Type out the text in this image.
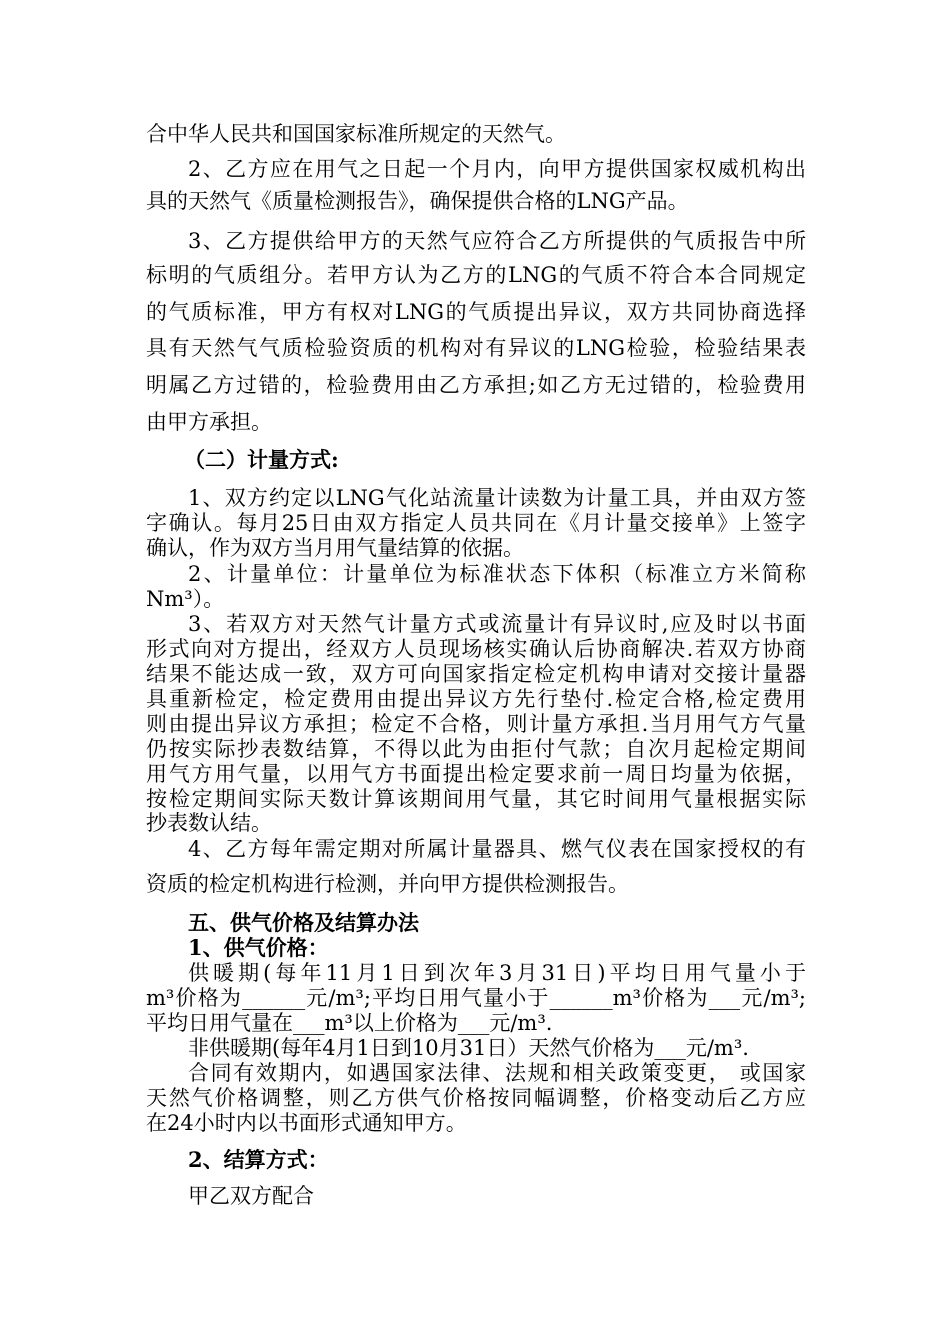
合中华人民共和国国家标准所规定的天然气。
2、乙方应在用气之日起一个月内，向甲方提供国家权威机构出
具的天然气《质量检测报告》，确保提供合格的LNG产品。
3、乙方提供给甲方的天然气应符合乙方所提供的气质报告中所
标明的气质组分。若甲方认为乙方的LNG的气质不符合本合同规定
的气质标准，甲方有权对LNG的气质提出异议，双方共同协商选择
具有天然气气质检验资质的机构对有异议的LNG检验，检验结果表
明属乙方过错的，检验费用由乙方承担;如乙方无过错的，检验费用
由甲方承担。
（二）计量方式:
1、双方约定以LNG气化站流量计读数为计量工具，并由双方签
字确认。每月25日由双方指定人员共同在《月计量交接单》上签字
确认，作为双方当月用气量结算的依据。
2、计量单位：计量单位为标准状态下体积（标准立方米简称
Nm³）。
3、若双方对天然气计量方式或流量计有异议时,应及时以书面
形式向对方提出，经双方人员现场核实确认后协商解决.若双方协商
结果不能达成一致，双方可向国家指定检定机构申请对交接计量器
具重新检定，检定费用由提出异议方先行垫付.检定合格,检定费用
则由提出异议方承担；检定不合格，则计量方承担.当月用气方气量
仍按实际抄表数结算，不得以此为由拒付气款；自次月起检定期间
用气方用气量，以用气方书面提出检定要求前一周日均量为依据，
按检定期间实际天数计算该期间用气量，其它时间用气量根据实际
抄表数认结。
4、乙方每年需定期对所属计量器具、燃气仪表在国家授权的有
资质的检定机构进行检测，并向甲方提供检测报告。
五、供气价格及结算办法
1、供气价格：
供暖期(每年11月1日到次年3月31日)平均日用气量小于
m³价格为______元/m³;平均日用气量小于______m³价格为___元/m³;
平均日用气量在___m³以上价格为___元/m³.
非供暖期(每年4月1日到10月31日）天然气价格为___元/m³.
合同有效期内，如遇国家法律、法规和相关政策变更， 或国家
天然气价格调整，则乙方供气价格按同幅调整，价格变动后乙方应
在24小时内以书面形式通知甲方。
2、结算方式：
甲乙双方配合
